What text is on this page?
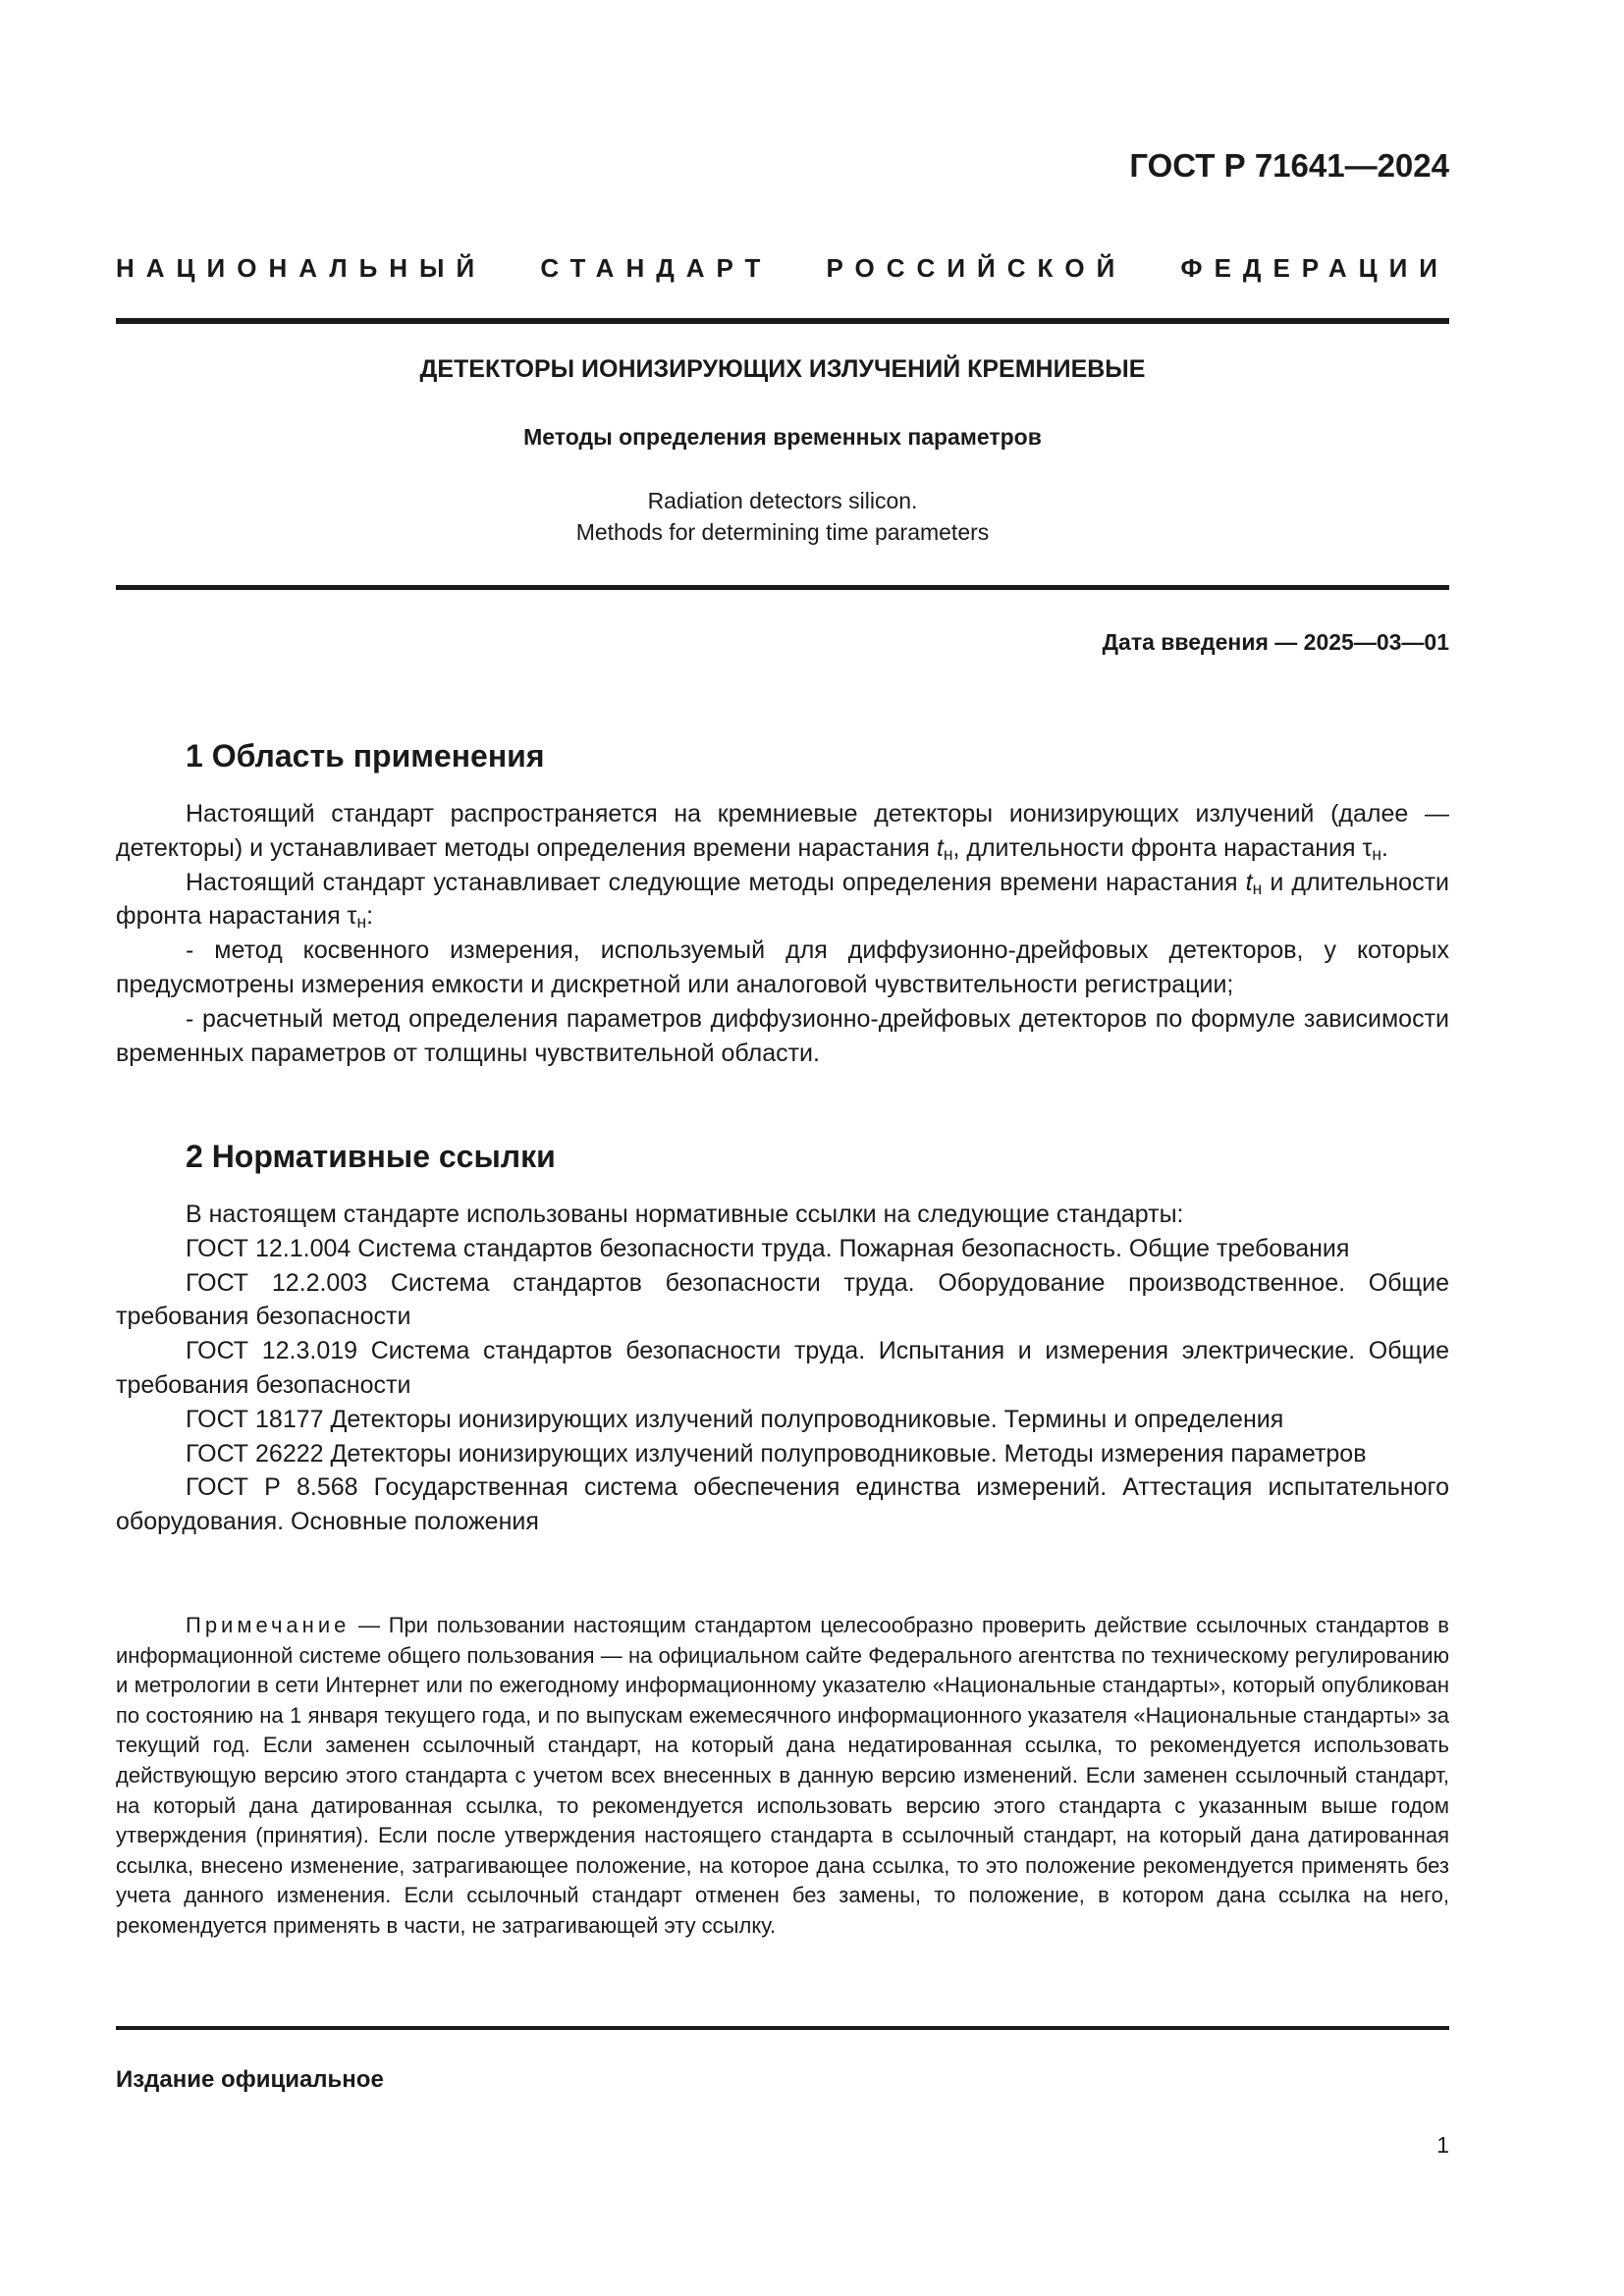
ГОСТ Р 71641—2024
НАЦИОНАЛЬНЫЙ СТАНДАРТ РОССИЙСКОЙ ФЕДЕРАЦИИ
ДЕТЕКТОРЫ ИОНИЗИРУЮЩИХ ИЗЛУЧЕНИЙ КРЕМНИЕВЫЕ
Методы определения временных параметров
Radiation detectors silicon.
Methods for determining time parameters
Дата введения — 2025—03—01
1 Область применения

Настоящий стандарт распространяется на кремниевые детекторы ионизирующих излучений (далее — детекторы) и устанавливает методы определения времени нарастания $t_н$, длительности фронта нарастания $\tau_н$.

Настоящий стандарт устанавливает следующие методы определения времени нарастания $t_н$ и длительности фронта нарастания $\tau_н$:

- метод косвенного измерения, используемый для диффузионно-дрейфовых детекторов, у которых предусмотрены измерения емкости и дискретной или аналоговой чувствительности регистрации;

- расчетный метод определения параметров диффузионно-дрейфовых детекторов по формуле зависимости временных параметров от толщины чувствительной области.

2 Нормативные ссылки

В настоящем стандарте использованы нормативные ссылки на следующие стандарты:

ГОСТ 12.1.004 Система стандартов безопасности труда. Пожарная безопасность. Общие требования

ГОСТ 12.2.003 Система стандартов безопасности труда. Оборудование производственное. Общие требования безопасности

ГОСТ 12.3.019 Система стандартов безопасности труда. Испытания и измерения электрические. Общие требования безопасности

ГОСТ 18177 Детекторы ионизирующих излучений полупроводниковые. Термины и определения

ГОСТ 26222 Детекторы ионизирующих излучений полупроводниковые. Методы измерения параметров

ГОСТ Р 8.568 Государственная система обеспечения единства измерений. Аттестация испытательного оборудования. Основные положения

Примечание — При пользовании настоящим стандартом целесообразно проверить действие ссылочных стандартов в информационной системе общего пользования — на официальном сайте Федерального агентства по техническому регулированию и метрологии в сети Интернет или по ежегодному информационному указателю «Национальные стандарты», который опубликован по состоянию на 1 января текущего года, и по выпускам ежемесячного информационного указателя «Национальные стандарты» за текущий год. Если заменен ссылочный стандарт, на который дана недатированная ссылка, то рекомендуется использовать действующую версию этого стандарта с учетом всех внесенных в данную версию изменений. Если заменен ссылочный стандарт, на который дана датированная ссылка, то рекомендуется использовать версию этого стандарта с указанным выше годом утверждения (принятия). Если после утверждения настоящего стандарта в ссылочный стандарт, на который дана датированная ссылка, внесено изменение, затрагивающее положение, на которое дана ссылка, то это положение рекомендуется применять без учета данного изменения. Если ссылочный стандарт отменен без замены, то положение, в котором дана ссылка на него, рекомендуется применять в части, не затрагивающей эту ссылку.

Издание официальное
1
